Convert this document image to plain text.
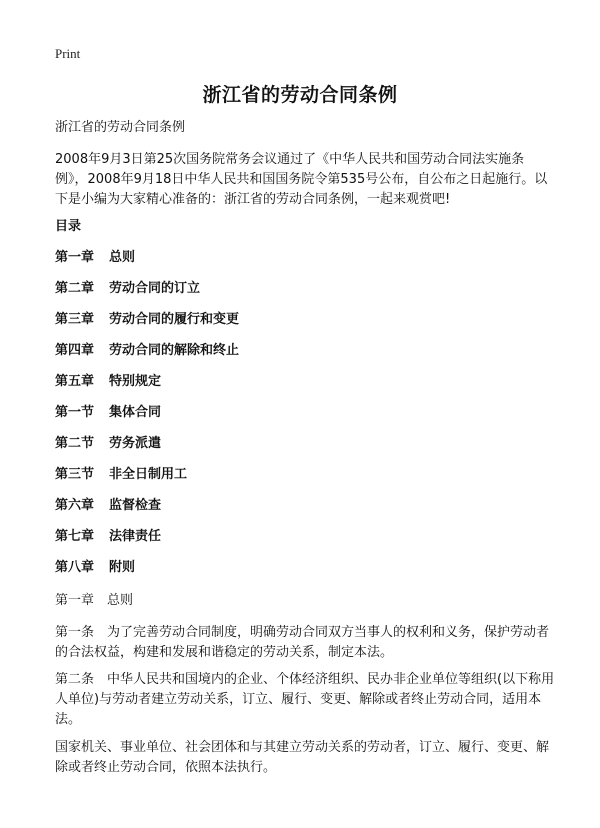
Print
浙江省的劳动合同条例

浙江省的劳动合同条例

2008年9月3日第25次国务院常务会议通过了《中华人民共和国劳动合同法实施条例》，2008年9月18日中华人民共和国国务院令第535号公布，自公布之日起施行。以下是小编为大家精心准备的：浙江省的劳动合同条例，一起来观赏吧!

目录

第一章 总则

第二章 劳动合同的订立

第三章 劳动合同的履行和变更

第四章 劳动合同的解除和终止

第五章 特别规定

第一节 集体合同

第二节 劳务派遣

第三节 非全日制用工

第六章 监督检查

第七章 法律责任

第八章 附则

第一章　总则

第一条　为了完善劳动合同制度，明确劳动合同双方当事人的权利和义务，保护劳动者的合法权益，构建和发展和谐稳定的劳动关系，制定本法。

第二条　中华人民共和国境内的企业、个体经济组织、民办非企业单位等组织(以下称用人单位)与劳动者建立劳动关系，订立、履行、变更、解除或者终止劳动合同，适用本法。

国家机关、事业单位、社会团体和与其建立劳动关系的劳动者，订立、履行、变更、解除或者终止劳动合同，依照本法执行。
